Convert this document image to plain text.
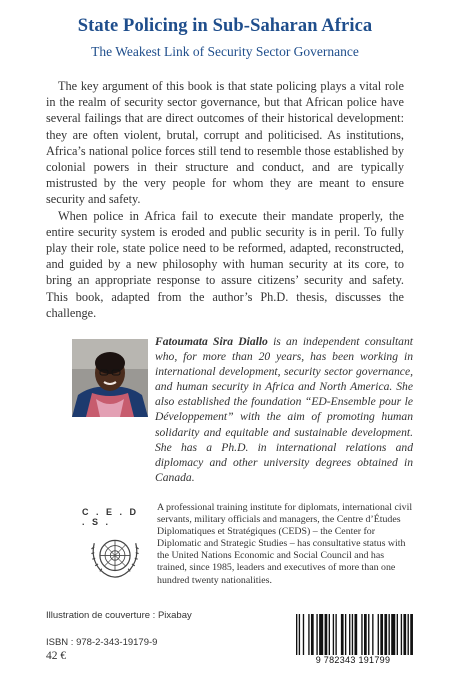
State Policing in Sub-Saharan Africa
The Weakest Link of Security Sector Governance

The key argument of this book is that state policing plays a vital role in the realm of security sector governance, but that African police have several failings that are direct outcomes of their historical development: they are often violent, brutal, corrupt and politicised. As institutions, Africa’s national police forces still tend to resemble those established by colonial powers in their structure and conduct, and are typically mistrusted by the very people for whom they are meant to ensure security and safety.

When police in Africa fail to execute their mandate properly, the entire security system is eroded and public security is in peril. To fully play their role, state police need to be reformed, adapted, reconstructed, and guided by a new philosophy with human security at its core, to bring an appropriate response to assure citizens’ security and safety. This book, adapted from the author’s Ph.D. thesis, discusses the challenge.

Fatoumata Sira Diallo is an independent consultant who, for more than 20 years, has been working in international development, security sector governance, and human security in Africa and North America. She also established the foundation “ED-Ensemble pour le Développement” with the aim of promoting human solidarity and equitable and sustainable development. She has a Ph.D. in international relations and diplomacy and other university degrees obtained in Canada.
C . E . D . S .
A professional training institute for diplomats, international civil servants, military officials and managers, the Centre d’Études Diplomatiques et Stratégiques (CEDS) – the Center for Diplomatic and Strategic Studies – has consultative status with the United Nations Economic and Social Council and has trained, since 1985, leaders and executives of more than one hundred twenty nationalities.
Illustration de couverture : Pixabay
ISBN : 978-2-343-19179-9
42 €	9 782343 191799
